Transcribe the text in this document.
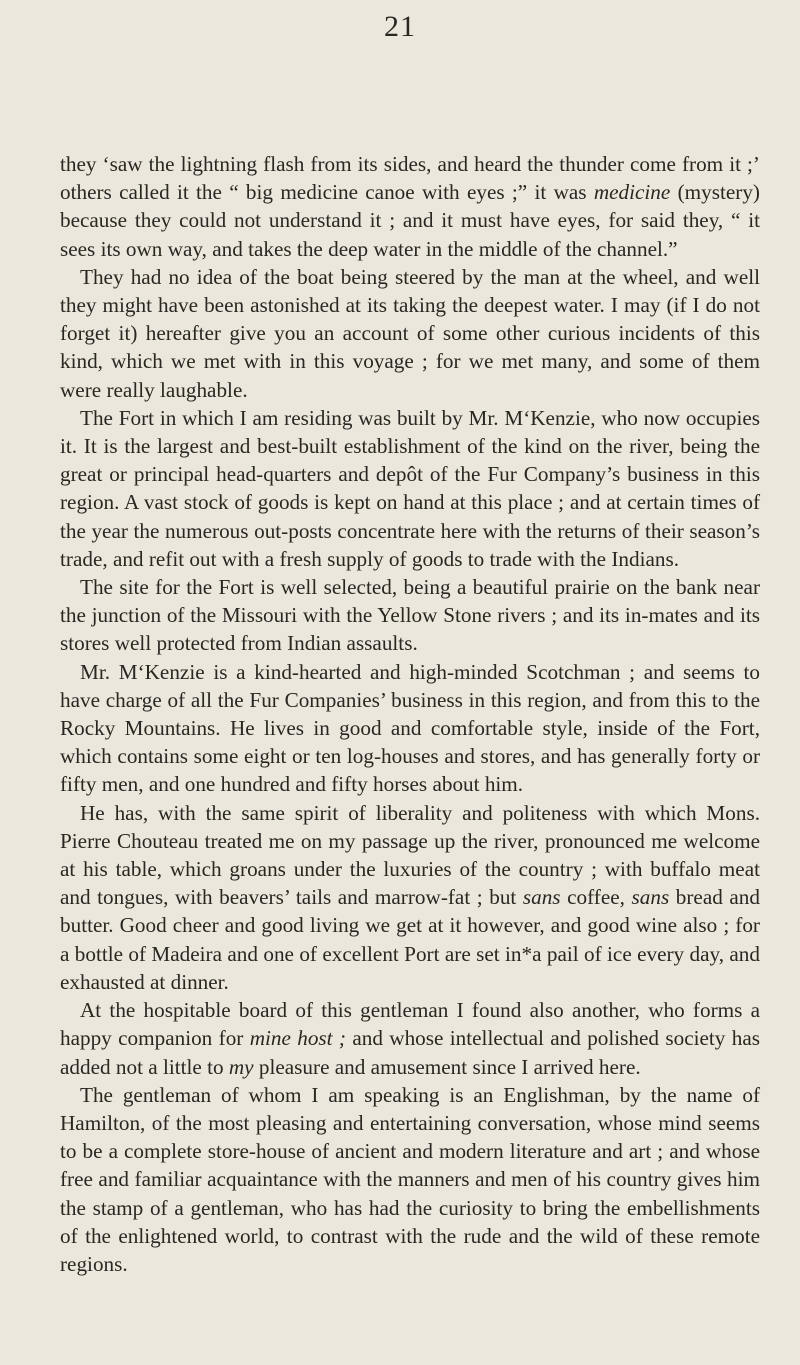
21

they ‘saw the lightning flash from its sides, and heard the thunder come from it ;’ others called it the “ big medicine canoe with eyes ;” it was medicine (mystery) because they could not understand it ; and it must have eyes, for said they, “ it sees its own way, and takes the deep water in the middle of the channel.”

They had no idea of the boat being steered by the man at the wheel, and well they might have been astonished at its taking the deepest water. I may (if I do not forget it) hereafter give you an account of some other curious incidents of this kind, which we met with in this voyage ; for we met many, and some of them were really laughable.

The Fort in which I am residing was built by Mr. M‘Kenzie, who now occupies it. It is the largest and best-built establishment of the kind on the river, being the great or principal head-quarters and depôt of the Fur Company’s business in this region. A vast stock of goods is kept on hand at this place ; and at certain times of the year the numerous out-posts concentrate here with the returns of their season’s trade, and refit out with a fresh supply of goods to trade with the Indians.

The site for the Fort is well selected, being a beautiful prairie on the bank near the junction of the Missouri with the Yellow Stone rivers ; and its in-mates and its stores well protected from Indian assaults.

Mr. M‘Kenzie is a kind-hearted and high-minded Scotchman ; and seems to have charge of all the Fur Companies’ business in this region, and from this to the Rocky Mountains. He lives in good and comfortable style, inside of the Fort, which contains some eight or ten log-houses and stores, and has generally forty or fifty men, and one hundred and fifty horses about him.

He has, with the same spirit of liberality and politeness with which Mons. Pierre Chouteau treated me on my passage up the river, pronounced me welcome at his table, which groans under the luxuries of the country ; with buffalo meat and tongues, with beavers’ tails and marrow-fat ; but sans coffee, sans bread and butter. Good cheer and good living we get at it however, and good wine also ; for a bottle of Madeira and one of excellent Port are set in*a pail of ice every day, and exhausted at dinner.

At the hospitable board of this gentleman I found also another, who forms a happy companion for mine host ; and whose intellectual and polished society has added not a little to my pleasure and amusement since I arrived here.

The gentleman of whom I am speaking is an Englishman, by the name of Hamilton, of the most pleasing and entertaining conversation, whose mind seems to be a complete store-house of ancient and modern literature and art ; and whose free and familiar acquaintance with the manners and men of his country gives him the stamp of a gentleman, who has had the curiosity to bring the embellishments of the enlightened world, to contrast with the rude and the wild of these remote regions.
